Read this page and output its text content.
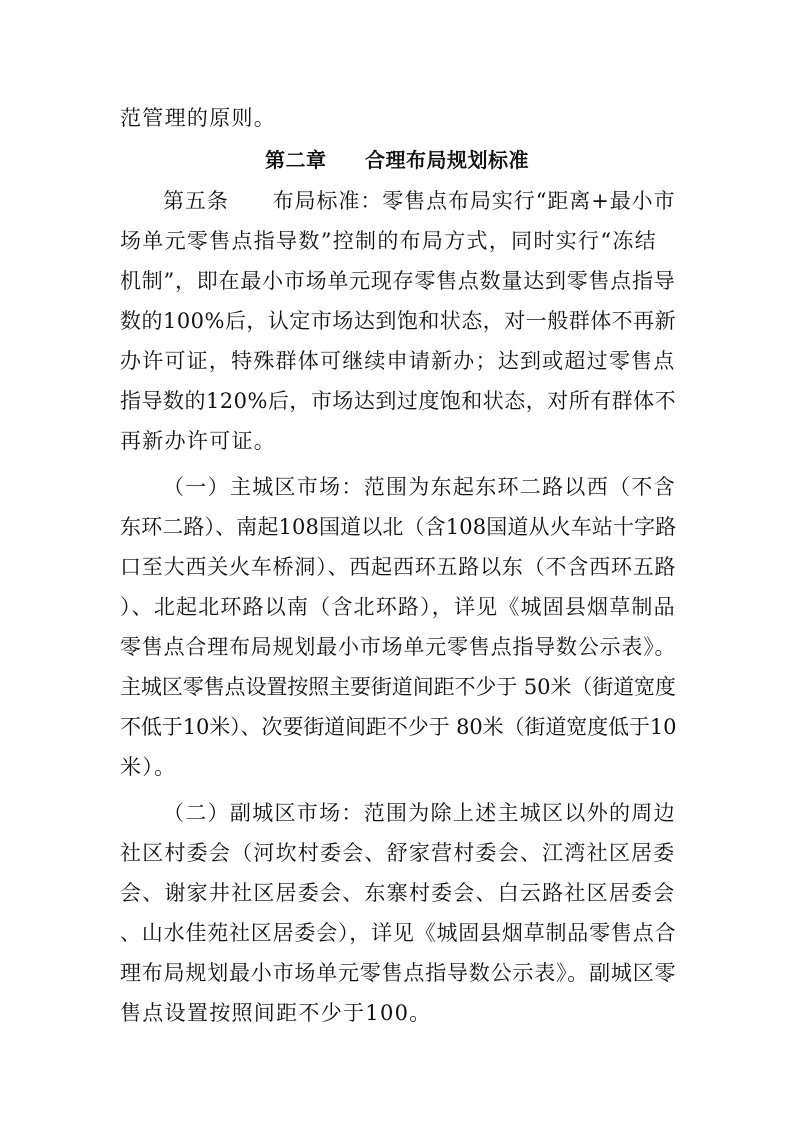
范管理的原则。

第二章

合理布局规划标准

第五条　　布局标准：零售点布局实行“距离+最小市
场单元零售点指导数”控制的布局方式，同时实行“冻结
机制”，即在最小市场单元现存零售点数量达到零售点指导
数的100%后，认定市场达到饱和状态，对一般群体不再新
办许可证，特殊群体可继续申请新办；达到或超过零售点
指导数的120%后，市场达到过度饱和状态，对所有群体不
再新办许可证。
（一）主城区市场：范围为东起东环二路以西（不含
东环二路）、南起108国道以北（含108国道从火车站十字路
口至大西关火车桥洞）、西起西环五路以东（不含西环五路
）、北起北环路以南（含北环路），详见《城固县烟草制品
零售点合理布局规划最小市场单元零售点指导数公示表》。
主城区零售点设置按照主要街道间距不少于 50米（街道宽度
不低于10米）、次要街道间距不少于 80米（街道宽度低于10
米）。
（二）副城区市场：范围为除上述主城区以外的周边
社区村委会（河坎村委会、舒家营村委会、江湾社区居委
会、谢家井社区居委会、东寨村委会、白云路社区居委会
、山水佳苑社区居委会），详见《城固县烟草制品零售点合
理布局规划最小市场单元零售点指导数公示表》。副城区零
售点设置按照间距不少于100。
